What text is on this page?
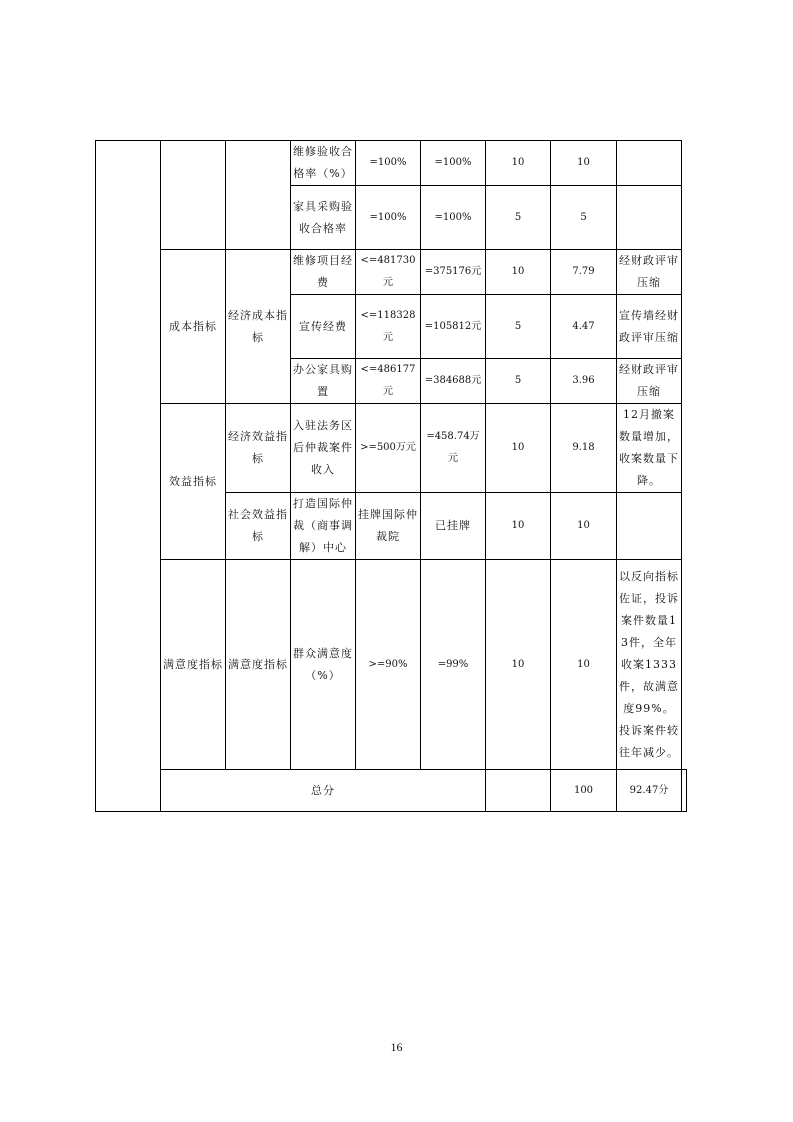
			维修验收合格率（%）	=100%	=100%	10	10		
			家具采购验收合格率	=100%	=100%	5	5		
	成本指标	经济成本指标	维修项目经费	<=481730元	=375176元	10	7.79	经财政评审压缩	
			宣传经费	<=118328元	=105812元	5	4.47	宣传墙经财政评审压缩	
			办公家具购置	<=486177元	=384688元	5	3.96	经财政评审压缩	
	效益指标	经济效益指标	入驻法务区后仲裁案件收入	>=500万元	=458.74万元	10	9.18	12月撤案数量增加，收案数量下降。	
		社会效益指标	打造国际仲裁（商事调解）中心	挂牌国际仲裁院	已挂牌	10	10		
	满意度指标	满意度指标	群众满意度（%）	>=90%	=99%	10	10	以反向指标佐证，投诉案件数量13件，全年收案1333件，故满意度99%。投诉案件较往年减少。	
	总分						100	92.47分	
16
